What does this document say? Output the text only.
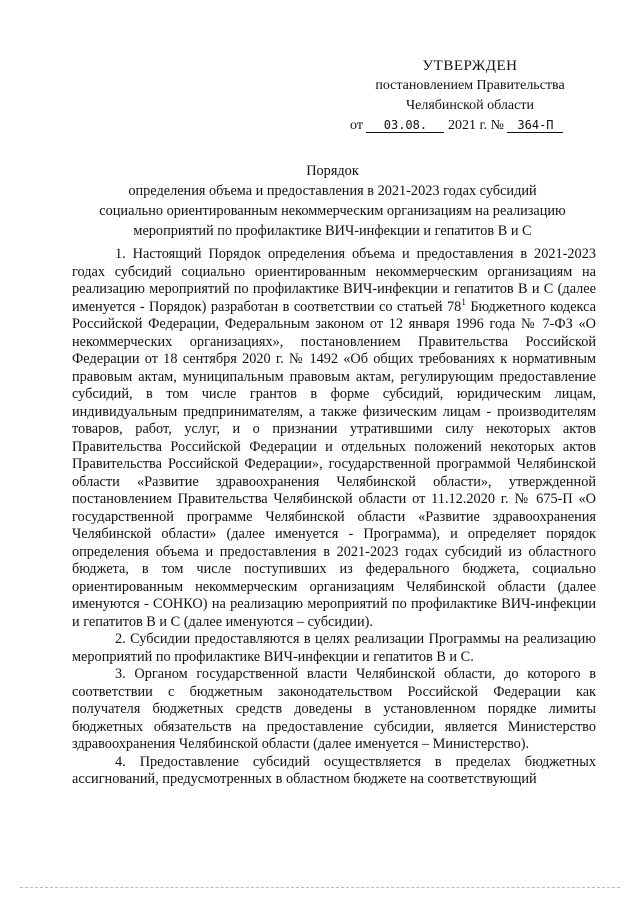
УТВЕРЖДЕН
постановлением Правительства
Челябинской области
от 03.08. 2021 г. № 364-П
Порядок
определения объема и предоставления в 2021-2023 годах субсидий
социально ориентированным некоммерческим организациям на реализацию
мероприятий по профилактике ВИЧ-инфекции и гепатитов В и С

1. Настоящий Порядок определения объема и предоставления в 2021-2023 годах субсидий социально ориентированным некоммерческим организациям на реализацию мероприятий по профилактике ВИЧ-инфекции и гепатитов В и С (далее именуется - Порядок) разработан в соответствии со статьей $78^1$ Бюджетного кодекса Российской Федерации, Федеральным законом от 12 января 1996 года № 7-ФЗ «О некоммерческих организациях», постановлением Правительства Российской Федерации от 18 сентября 2020 г. № 1492 «Об общих требованиях к нормативным правовым актам, муниципальным правовым актам, регулирующим предоставление субсидий, в том числе грантов в форме субсидий, юридическим лицам, индивидуальным предпринимателям, а также физическим лицам - производителям товаров, работ, услуг, и о признании утратившими силу некоторых актов Правительства Российской Федерации и отдельных положений некоторых актов Правительства Российской Федерации», государственной программой Челябинской области «Развитие здравоохранения Челябинской области», утвержденной постановлением Правительства Челябинской области от 11.12.2020 г. № 675-П «О государственной программе Челябинской области «Развитие здравоохранения Челябинской области» (далее именуется - Программа), и определяет порядок определения объема и предоставления в 2021-2023 годах субсидий из областного бюджета, в том числе поступивших из федерального бюджета, социально ориентированным некоммерческим организациям Челябинской области (далее именуются - СОНКО) на реализацию мероприятий по профилактике ВИЧ-инфекции и гепатитов В и С (далее именуются – субсидии).

2. Субсидии предоставляются в целях реализации Программы на реализацию мероприятий по профилактике ВИЧ-инфекции и гепатитов В и С.

3. Органом государственной власти Челябинской области, до которого в соответствии с бюджетным законодательством Российской Федерации как получателя бюджетных средств доведены в установленном порядке лимиты бюджетных обязательств на предоставление субсидии, является Министерство здравоохранения Челябинской области (далее именуется – Министерство).

4. Предоставление субсидий осуществляется в пределах бюджетных ассигнований, предусмотренных в областном бюджете на соответствующий
